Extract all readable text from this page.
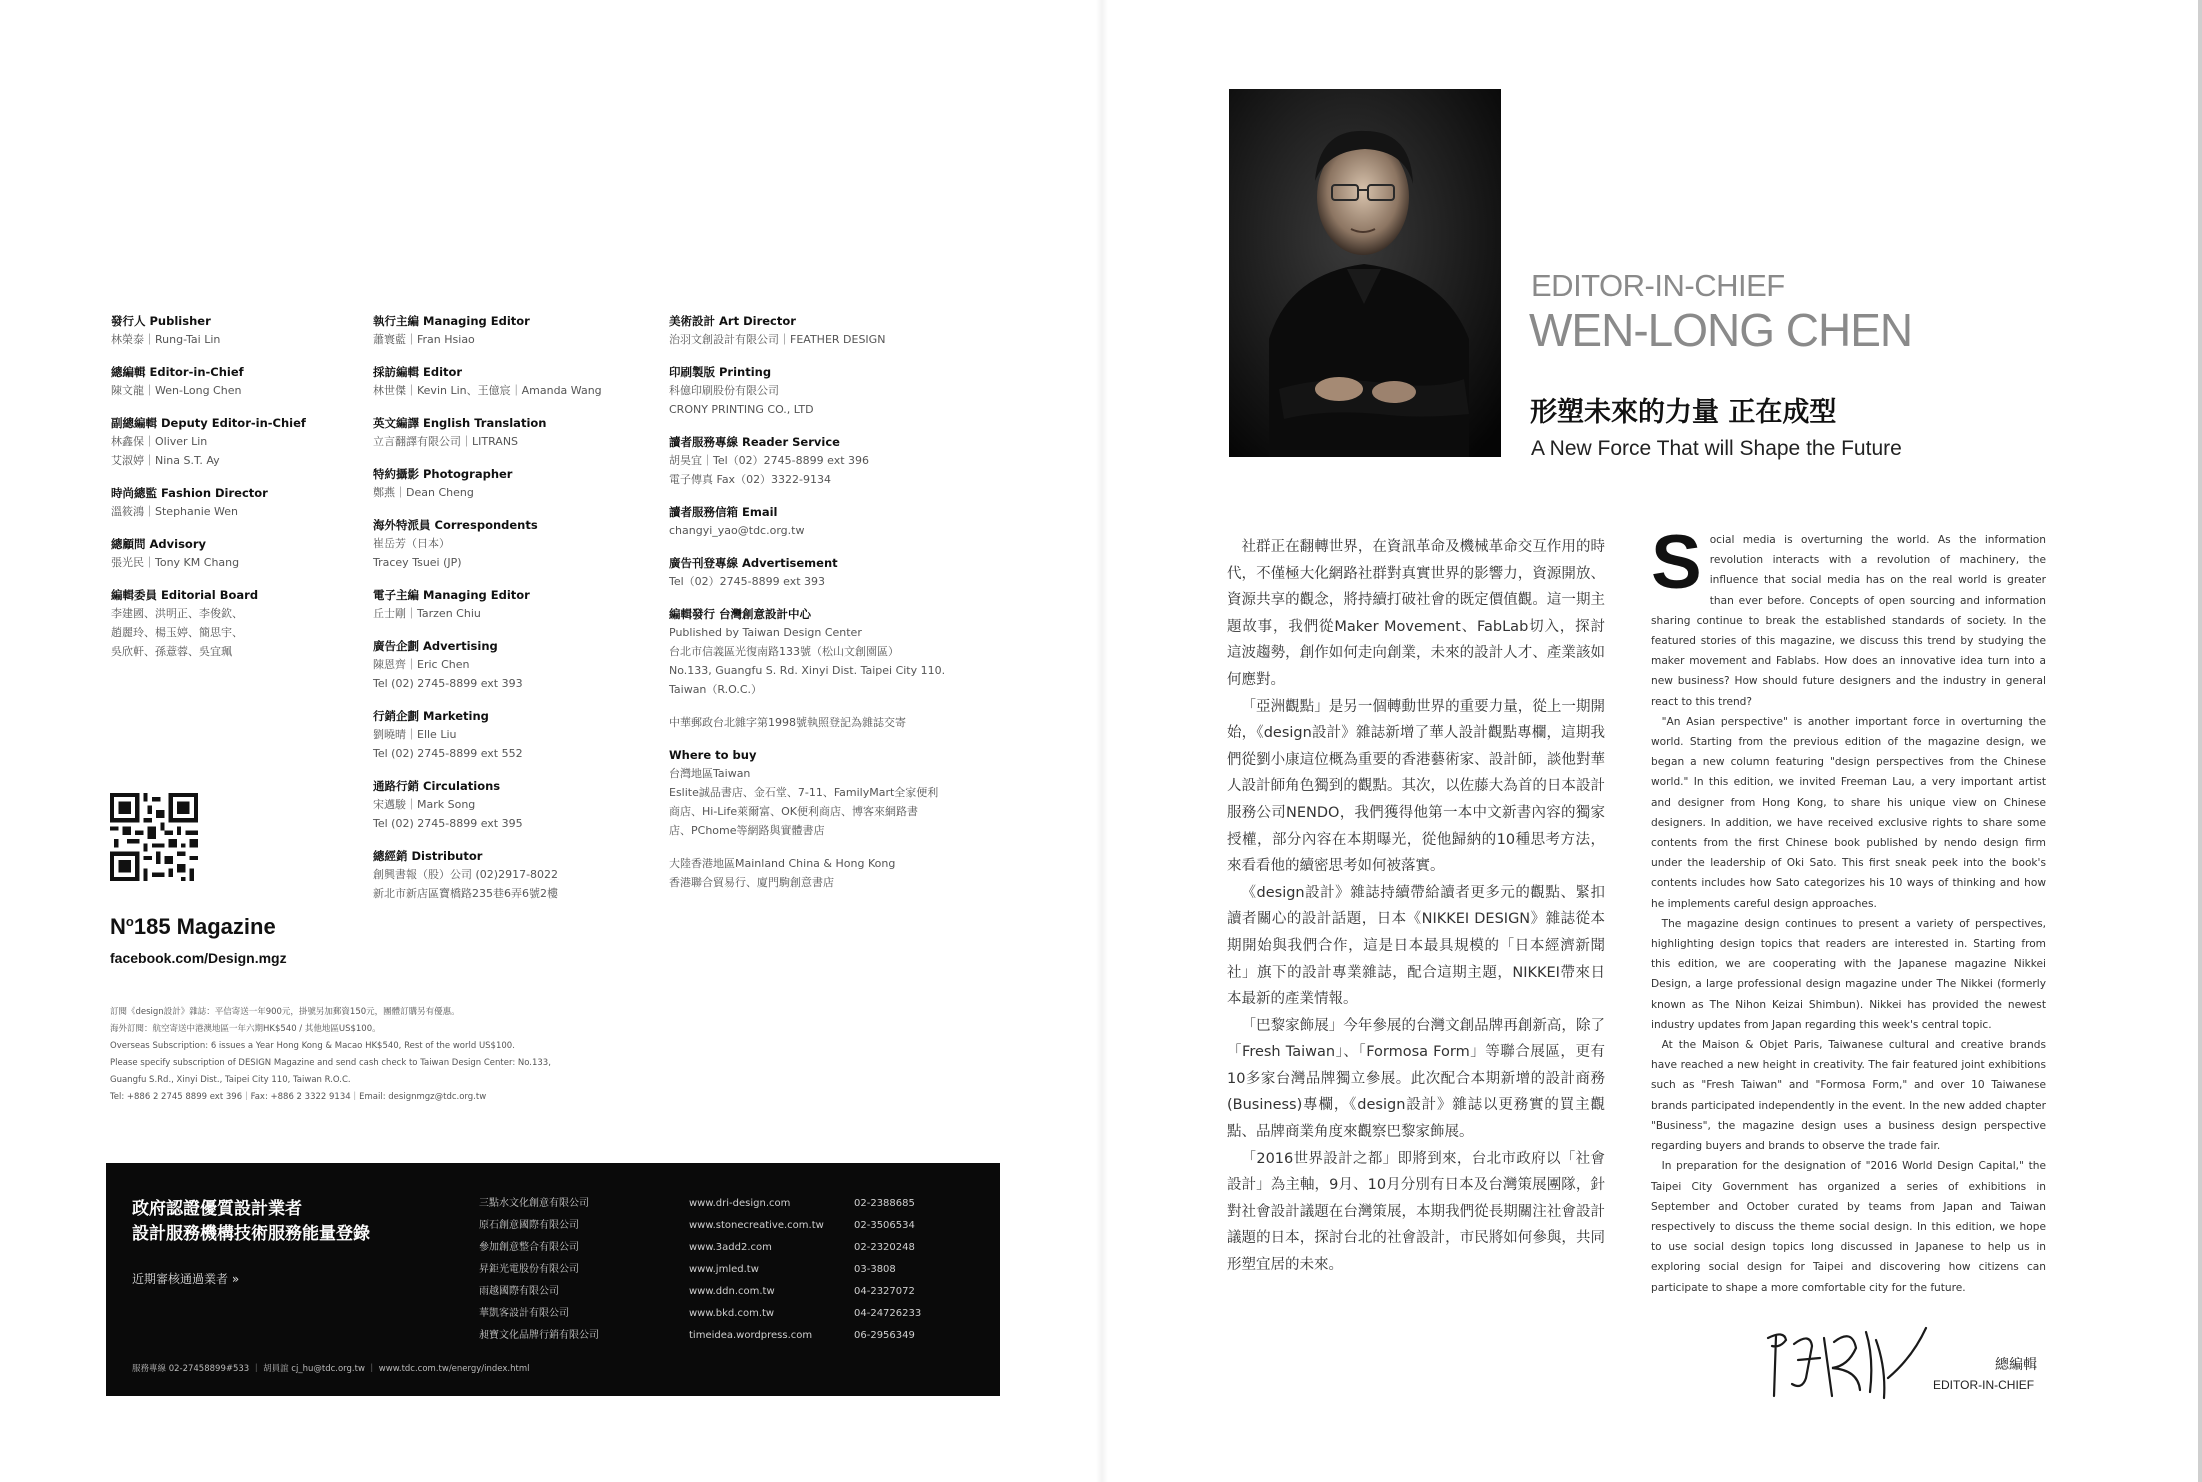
發行人 Publisher
林榮泰｜Rung-Tai Lin
總編輯 Editor-in-Chief
陳文龍｜Wen-Long Chen
副總編輯 Deputy Editor-in-Chief
林鑫保｜Oliver Lin
艾淑婷｜Nina S.T. Ay
時尚總監 Fashion Director
溫筱鴻｜Stephanie Wen
總顧問 Advisory
張光民｜Tony KM Chang
編輯委員 Editorial Board
李建國、洪明正、李俊欽、
趙麗玲、楊玉婷、簡思宇、
吳欣軒、孫薏蓉、吳宜珮
執行主編 Managing Editor
蕭寰藍｜Fran Hsiao
採訪編輯 Editor
林世傑｜Kevin Lin、王億宸｜Amanda Wang
英文編譯 English Translation
立言翻譯有限公司｜LITRANS
特約攝影 Photographer
鄭燕｜Dean Cheng
海外特派員 Correspondents
崔岳芳（日本）
Tracey Tsuei (JP)
電子主編 Managing Editor
丘士剛｜Tarzen Chiu
廣告企劃 Advertising
陳恩齊｜Eric Chen
Tel (02) 2745-8899 ext 393
行銷企劃 Marketing
劉曉晴｜Elle Liu
Tel (02) 2745-8899 ext 552
通路行銷 Circulations
宋邁駿｜Mark Song
Tel (02) 2745-8899 ext 395
總經銷 Distributor
創興書報（股）公司 (02)2917-8022
新北市新店區寶橋路235巷6弄6號2樓
美術設計 Art Director
治羽文創設計有限公司｜FEATHER DESIGN
印刷製版 Printing
科億印刷股份有限公司
CRONY PRINTING CO., LTD
讀者服務專線 Reader Service
胡昊宜｜Tel（02）2745-8899 ext 396
電子傳真 Fax（02）3322-9134
讀者服務信箱 Email
changyi_yao@tdc.org.tw
廣告刊登專線 Advertisement
Tel（02）2745-8899 ext 393
編輯發行 台灣創意設計中心
Published by Taiwan Design Center
台北市信義區光復南路133號（松山文創園區）
No.133, Guangfu S. Rd. Xinyi Dist. Taipei City 110.
Taiwan（R.O.C.）
中華郵政台北雜字第1998號執照登記為雜誌交寄
Where to buy
台灣地區Taiwan
Eslite誠品書店、金石堂、7-11、FamilyMart全家便利
商店、Hi-Life萊爾富、OK便利商店、博客來網路書
店、PChome等網路與實體書店
大陸香港地區Mainland China & Hong Kong
香港聯合貿易行、廈門駒創意書店
$N^o185$ Magazine
facebook.com/Design.mgz
訂閱《design設計》雜誌：平信寄送一年900元，掛號另加郵資150元，團體訂購另有優惠。
海外訂閱：航空寄送中港澳地區一年六期HK$540 / 其他地區US$100。
Overseas Subscription: 6 issues a Year Hong Kong & Macao HK$540, Rest of the world US$100.
Please specify subscription of DESIGN Magazine and send cash check to Taiwan Design Center: No.133,
Guangfu S.Rd., Xinyi Dist., Taipei City 110, Taiwan R.O.C.
Tel: +886 2 2745 8899 ext 396｜Fax: +886 2 3322 9134｜Email: designmgz@tdc.org.tw
政府認證優質設計業者
設計服務機構技術服務能量登錄
近期審核通過業者 »
三點水文化創意有限公司
原石創意國際有限公司
參加創意整合有限公司
昇鉅光電股份有限公司
雨越國際有限公司
華凱客設計有限公司
昶寶文化品牌行銷有限公司
www.dri-design.com
www.stonecreative.com.tw
www.3add2.com
www.jmled.tw
www.ddn.com.tw
www.bkd.com.tw
timeidea.wordpress.com
02-2388685
02-3506534
02-2320248
03-3808
04-2327072
04-24726233
06-2956349
服務專線 02-27458899#533 ｜ 胡員誼 cj_hu@tdc.org.tw ｜ www.tdc.com.tw/energy/index.html
EDITOR-IN-CHIEF
WEN-LONG CHEN
形塑未來的力量 正在成型
A New Force That will Shape the Future

社群正在翻轉世界，在資訊革命及機械革命交互作用的時代，不僅極大化網路社群對真實世界的影響力，資源開放、資源共享的觀念，將持續打破社會的既定價值觀。這一期主題故事，我們從Maker Movement、FabLab切入，探討這波趨勢，創作如何走向創業，未來的設計人才、產業該如何應對。

「亞洲觀點」是另一個轉動世界的重要力量，從上一期開始，《design設計》雜誌新增了華人設計觀點專欄，這期我們從劉小康這位概為重要的香港藝術家、設計師，談他對華人設計師角色獨到的觀點。其次，以佐藤大為首的日本設計服務公司NENDO，我們獲得他第一本中文新書內容的獨家授權，部分內容在本期曝光，從他歸納的10種思考方法，來看看他的續密思考如何被落實。

《design設計》雜誌持續帶給讀者更多元的觀點、緊扣讀者關心的設計話題，日本《NIKKEI DESIGN》雜誌從本期開始與我們合作，這是日本最具規模的「日本經濟新聞社」旗下的設計專業雜誌，配合這期主題，NIKKEI帶來日本最新的產業情報。

「巴黎家飾展」今年參展的台灣文創品牌再創新高，除了「Fresh Taiwan」、「Formosa Form」等聯合展區，更有10多家台灣品牌獨立參展。此次配合本期新增的設計商務(Business)專欄，《design設計》雜誌以更務實的買主觀點、品牌商業角度來觀察巴黎家飾展。

「2016世界設計之都」即將到來，台北市政府以「社會設計」為主軸，9月、10月分別有日本及台灣策展團隊，針對社會設計議題在台灣策展，本期我們從長期關注社會設計議題的日本，探討台北的社會設計，市民將如何參與，共同形塑宜居的未來。

Social media is overturning the world. As the information revolution interacts with a revolution of machinery, the influence that social media has on the real world is greater than ever before. Concepts of open sourcing and information sharing continue to break the established standards of society. In the featured stories of this magazine, we discuss this trend by studying the maker movement and Fablabs. How does an innovative idea turn into a new business? How should future designers and the industry in general react to this trend?

"An Asian perspective" is another important force in overturning the world. Starting from the previous edition of the magazine design, we began a new column featuring "design perspectives from the Chinese world." In this edition, we invited Freeman Lau, a very important artist and designer from Hong Kong, to share his unique view on Chinese designers. In addition, we have received exclusive rights to share some contents from the first Chinese book published by nendo design firm under the leadership of Oki Sato. This first sneak peek into the book's contents includes how Sato categorizes his 10 ways of thinking and how he implements careful design approaches.

The magazine design continues to present a variety of perspectives, highlighting design topics that readers are interested in. Starting from this edition, we are cooperating with the Japanese magazine Nikkei Design, a large professional design magazine under The Nikkei (formerly known as The Nihon Keizai Shimbun). Nikkei has provided the newest industry updates from Japan regarding this week's central topic.

At the Maison & Objet Paris, Taiwanese cultural and creative brands have reached a new height in creativity. The fair featured joint exhibitions such as "Fresh Taiwan" and "Formosa Form," and over 10 Taiwanese brands participated independently in the event. In the new added chapter "Business", the magazine design uses a business design perspective regarding buyers and brands to observe the trade fair.

In preparation for the designation of "2016 World Design Capital," the Taipei City Government has organized a series of exhibitions in September and October curated by teams from Japan and Taiwan respectively to discuss the theme social design. In this edition, we hope to use social design topics long discussed in Japanese to help us in exploring social design for Taipei and discovering how citizens can participate to shape a more comfortable city for the future.

總編輯
EDITOR-IN-CHIEF
